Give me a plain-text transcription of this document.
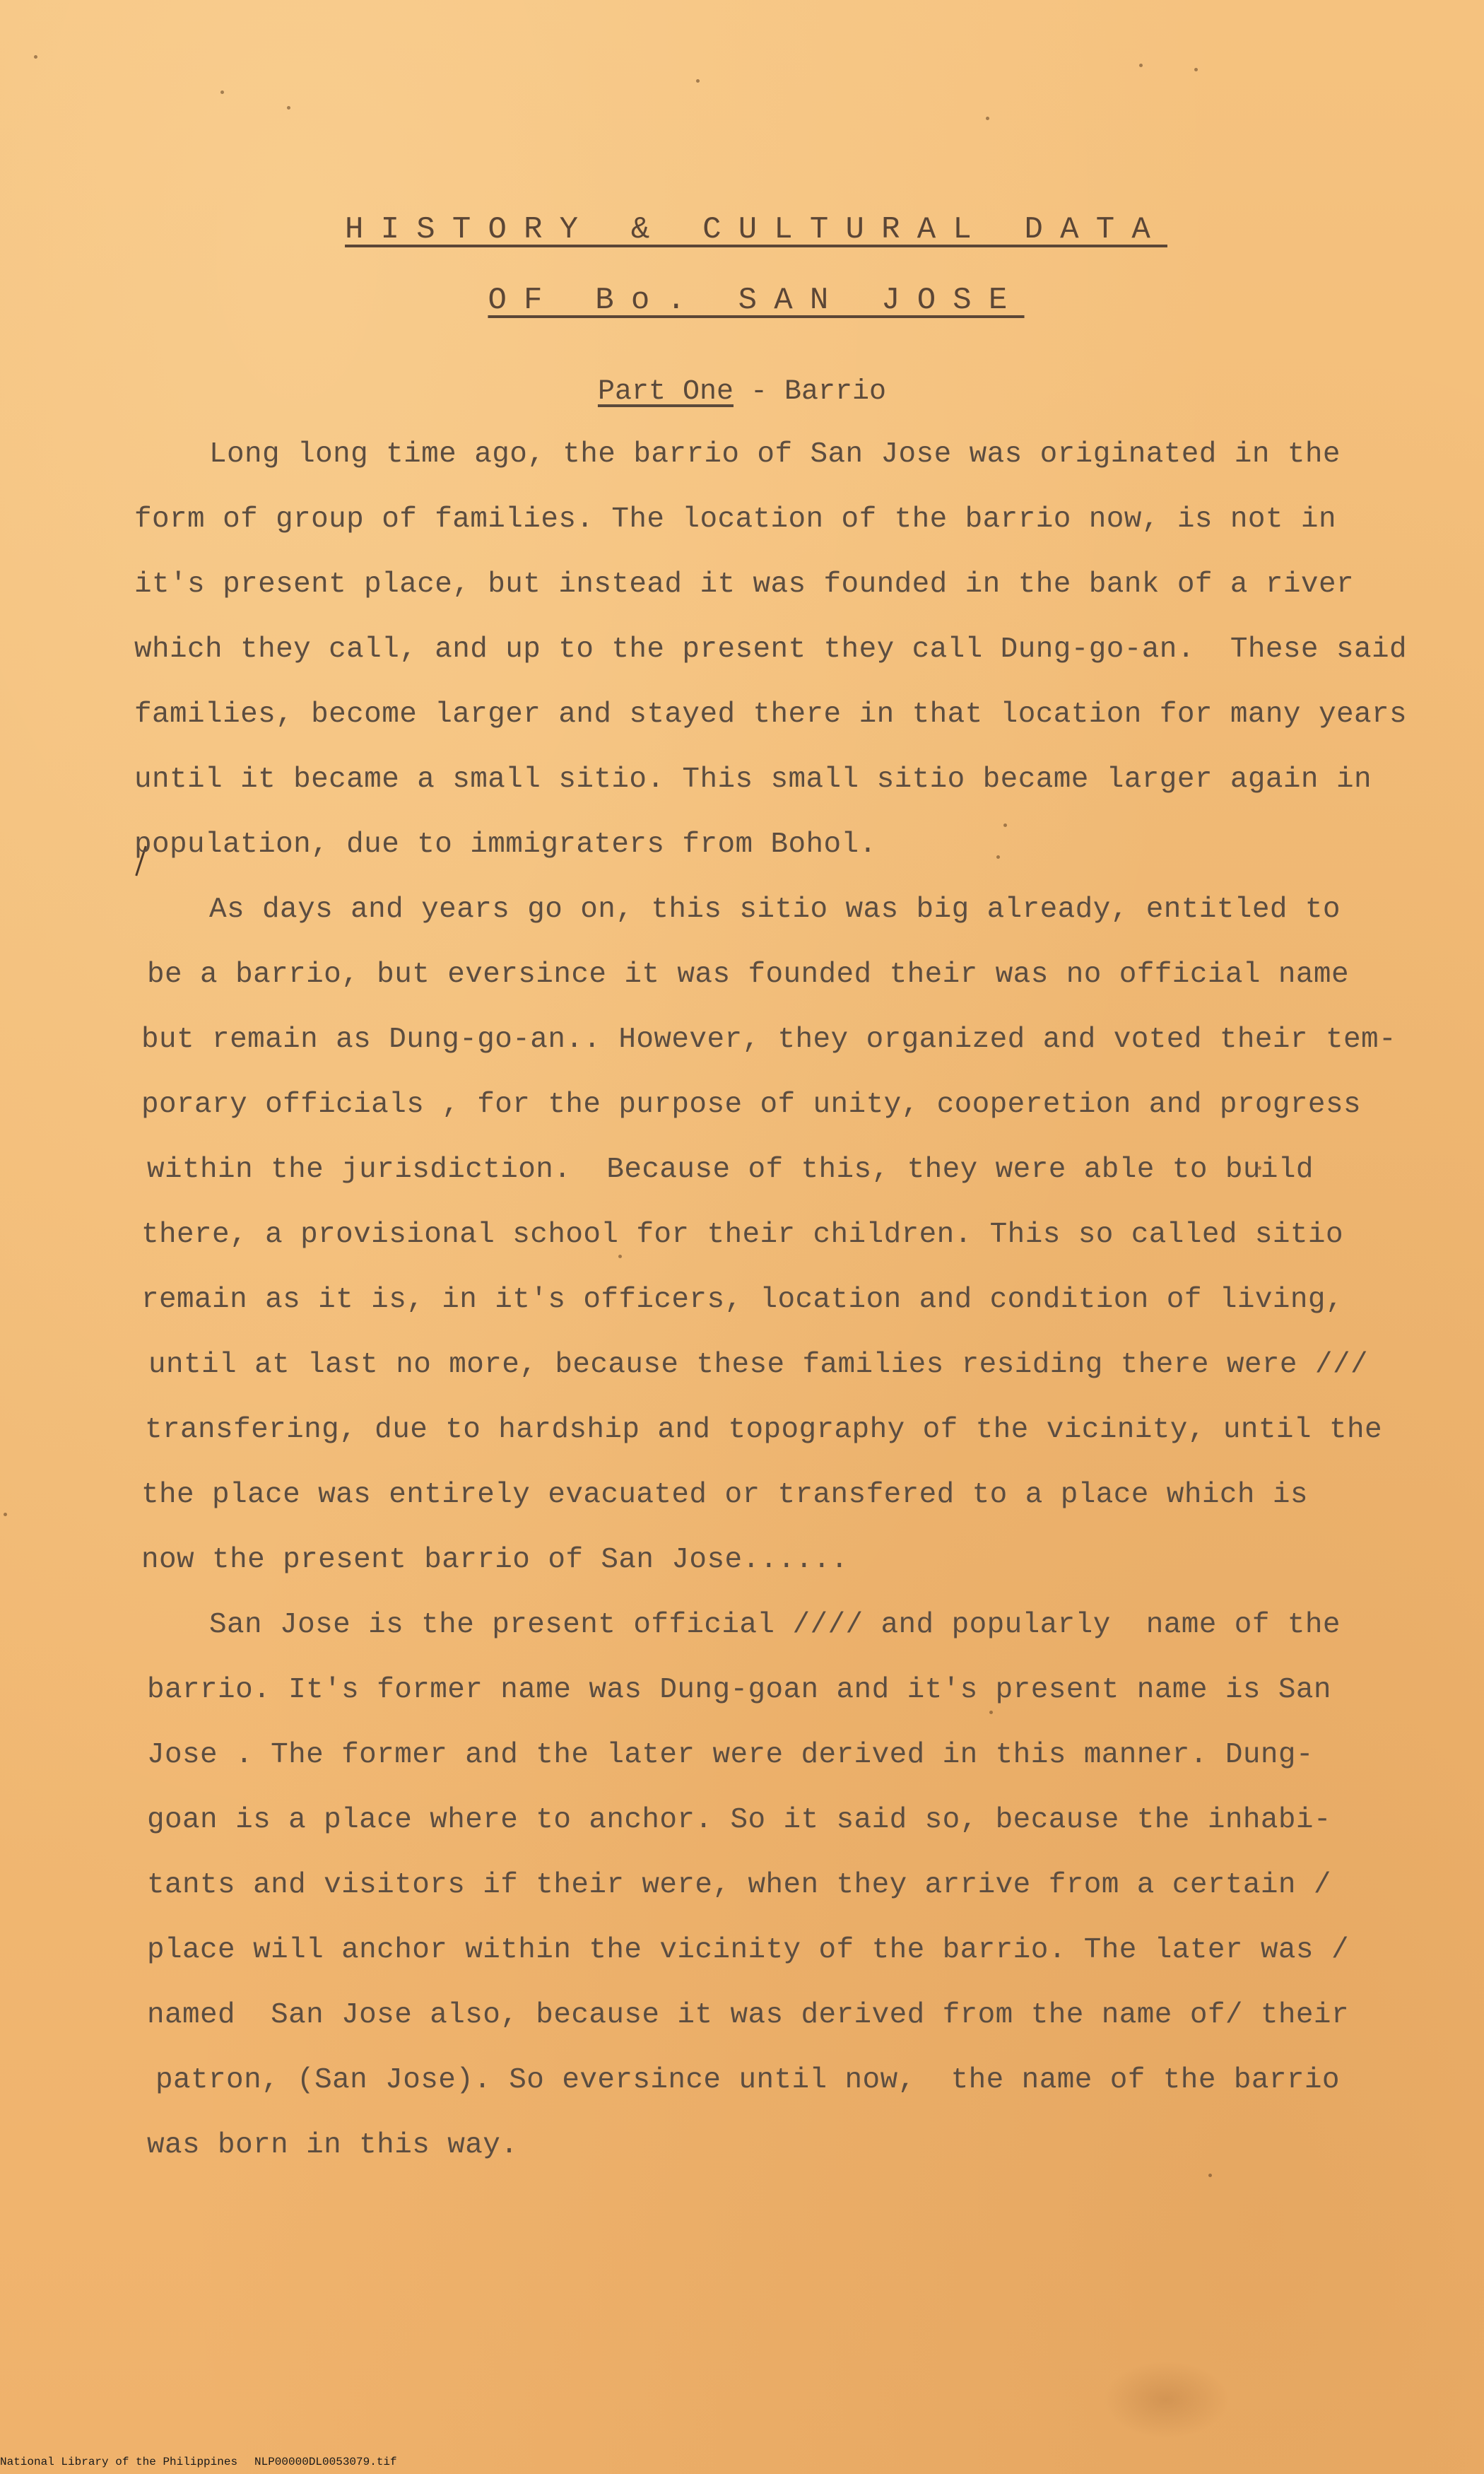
HISTORY & CULTURAL DATA
OF Bo. SAN JOSE
Part One - Barrio
Long long time ago, the barrio of San Jose was originated in the
form of group of families. The location of the barrio now, is not in
it's present place, but instead it was founded in the bank of a river
which they call, and up to the present they call Dung-go-an.  These said
families, become larger and stayed there in that location for many years
until it became a small sitio. This small sitio became larger again in
population, due to immigraters from Bohol.
As days and years go on, this sitio was big already, entitled to
be a barrio, but eversince it was founded their was no official name
but remain as Dung-go-an.. However, they organized and voted their tem-
porary officials , for the purpose of unity, cooperetion and progress
within the jurisdiction.  Because of this, they were able to build
there, a provisional school for their children. This so called sitio
remain as it is, in it's officers, location and condition of living,
until at last no more, because these families residing there were ///
transfering, due to hardship and topography of the vicinity, until the
the place was entirely evacuated or transfered to a place which is
now the present barrio of San Jose......
San Jose is the present official //// and popularly  name of the
barrio. It's former name was Dung-goan and it's present name is San
Jose . The former and the later were derived in this manner. Dung-
goan is a place where to anchor. So it said so, because the inhabi-
tants and visitors if their were, when they arrive from a certain /
place will anchor within the vicinity of the barrio. The later was /
named  San Jose also, because it was derived from the name of/ their
patron, (San Jose). So eversince until now,  the name of the barrio
was born in this way.
National Library of the Philippines NLP00000DL0053079.tif
